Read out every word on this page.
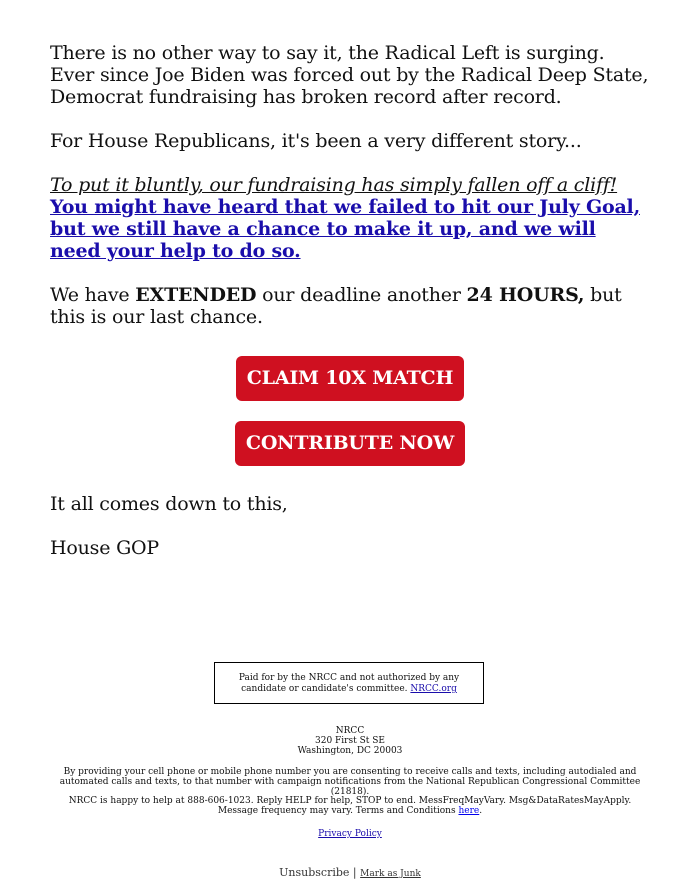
There is no other way to say it, the Radical Left is surging. Ever since Joe Biden was forced out by the Radical Deep State, Democrat fundraising has broken record after record.

For House Republicans, it's been a very different story...

To put it bluntly, our fundraising has simply fallen off a cliff! You might have heard that we failed to hit our July Goal, but we still have a chance to make it up, and we will need your help to do so.

We have EXTENDED our deadline another 24 HOURS, but this is our last chance.

CLAIM 10X MATCH
CONTRIBUTE NOW

It all comes down to this,

House GOP

Paid for by the NRCC and not authorized by any candidate or candidate's committee. NRCC.org
NRCC
320 First St SE
Washington, DC 20003
By providing your cell phone or mobile phone number you are consenting to receive calls and texts, including autodialed and automated calls and texts, to that number with campaign notifications from the National Republican Congressional Committee (21818).
NRCC is happy to help at 888-606-1023. Reply HELP for help, STOP to end. MessFreqMayVary. Msg&DataRatesMayApply. Message frequency may vary. Terms and Conditions here.
Privacy Policy
Unsubscribe | Mark as Junk
